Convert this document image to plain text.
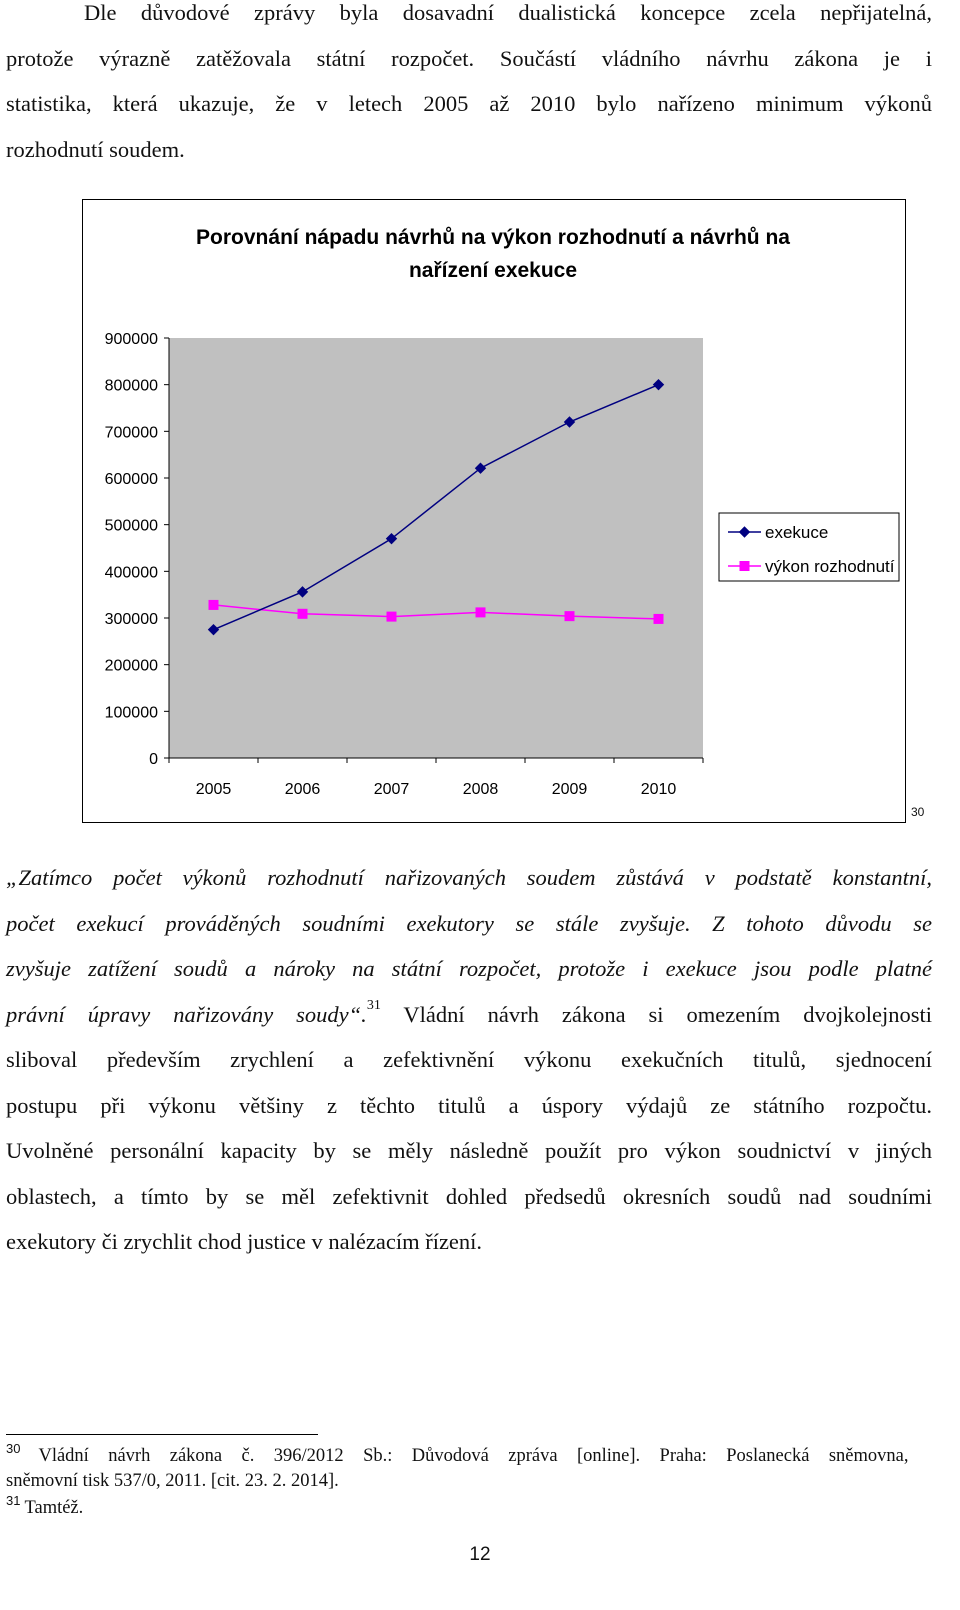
Dle důvodové zprávy byla dosavadní dualistická koncepce zcela nepřijatelná,
protože výrazně zatěžovala státní rozpočet. Součástí vládního návrhu zákona je i
statistika, která ukazuje, že v letech 2005 až 2010 bylo nařízeno minimum výkonů
rozhodnutí soudem.
Porovnání nápadu návrhů na výkon rozhodnutí a návrhů na
nařízení exekuce
900000
800000
700000
600000
500000
400000
300000
200000
100000
0
2005	2006	2007	2008	2009	2010
exekuce
výkon rozhodnutí
30
„Zatímco počet výkonů rozhodnutí nařizovaných soudem zůstává v podstatě konstantní,
počet exekucí prováděných soudními exekutory se stále zvyšuje. Z tohoto důvodu se
zvyšuje zatížení soudů a nároky na státní rozpočet, protože i exekuce jsou podle platné
právní úpravy nařizovány soudy“.$^{31}$ Vládní návrh zákona si omezením dvojkolejnosti
sliboval především zrychlení a zefektivnění výkonu exekučních titulů, sjednocení
postupu při výkonu většiny z těchto titulů a úspory výdajů ze státního rozpočtu.
Uvolněné personální kapacity by se měly následně použít pro výkon soudnictví v jiných
oblastech, a tímto by se měl zefektivnit dohled předsedů okresních soudů nad soudními
exekutory či zrychlit chod justice v nalézacím řízení.
$^{30}$ Vládní návrh zákona č. 396/2012 Sb.: Důvodová zpráva [online]. Praha: Poslanecká sněmovna,
sněmovní tisk 537/0, 2011. [cit. 23. 2. 2014].
$^{31}$ Tamtéž.
12
